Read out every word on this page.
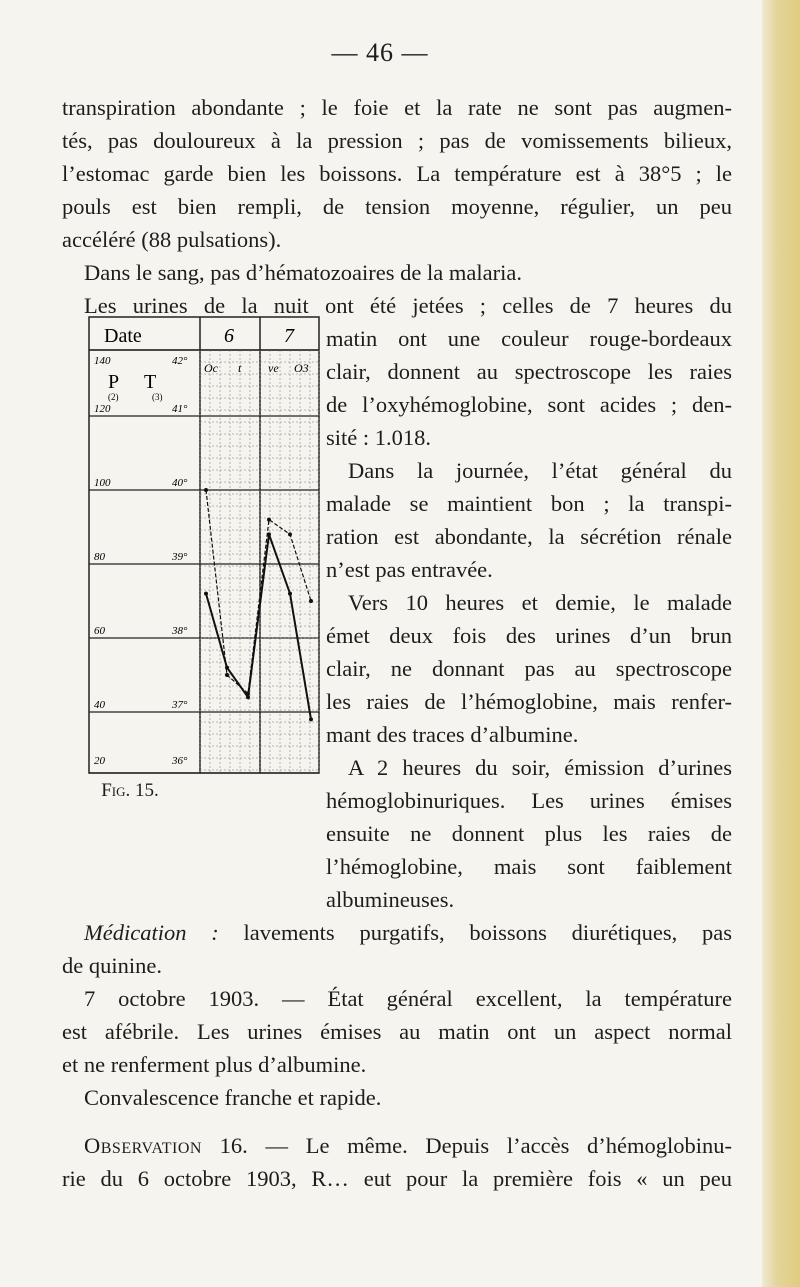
— 46 —
transpiration abondante ; le foie et la rate ne sont pas augmen-
tés, pas douloureux à la pression ; pas de vomissements bilieux,
l’estomac garde bien les boissons. La température est à 38°5 ; le
pouls est bien rempli, de tension moyenne, régulier, un peu
accéléré (88 pulsations).
Dans le sang, pas d’hématozoaires de la malaria.
Les urines de la nuit ont été jetées ; celles de 7 heures du
matin ont une couleur rouge-bordeaux
clair, donnent au spectroscope les raies
de l’oxyhémoglobine, sont acides ; den-
sité : 1.018.
Dans la journée, l’état général du
malade se maintient bon ; la transpi-
ration est abondante, la sécrétion rénale
n’est pas entravée.
Vers 10 heures et demie, le malade
émet deux fois des urines d’un brun
clair, ne donnant pas au spectroscope
les raies de l’hémoglobine, mais renfer-
mant des traces d’albumine.
A 2 heures du soir, émission d’urines
hémoglobinuriques. Les urines émises
ensuite ne donnent plus les raies de
l’hémoglobine, mais sont faiblement
albumineuses.
Médication : lavements purgatifs, boissons diurétiques, pas
de quinine.
7 octobre 1903. — État général excellent, la température
est afébrile. Les urines émises au matin ont un aspect normal
et ne renferment plus d’albumine.
Convalescence franche et rapide.
Observation 16. — Le même. Depuis l’accès d’hémoglobinu-
rie du 6 octobre 1903, R… eut pour la première fois « un peu
Date	6	7
140	42°
P T
(2)	(3)
120	41°
100	40°
80	39°
60	38°
40	37°
20	36°
Oc t ve O3
Fig. 15.
